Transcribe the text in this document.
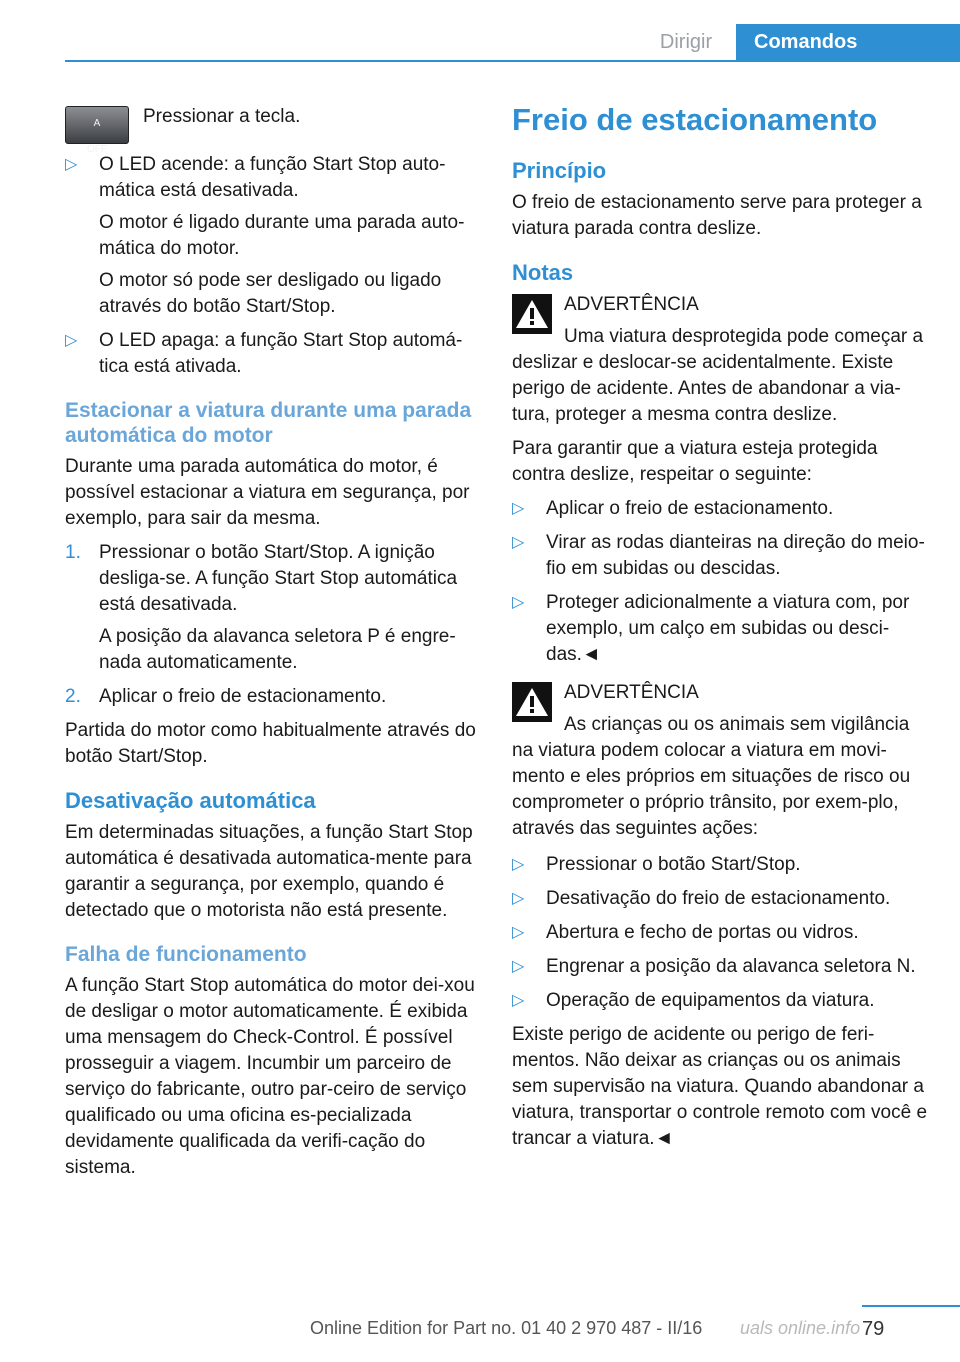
Dirigir	Comandos
A OFF

Pressionar a tecla.

▷ O LED acende: a função Start Stop auto-mática está desativada.
O motor é ligado durante uma parada auto-mática do motor.
O motor só pode ser desligado ou ligado através do botão Start/Stop.
▷ O LED apaga: a função Start Stop automá-tica está ativada.
Estacionar a viatura durante uma parada automática do motor

Durante uma parada automática do motor, é possível estacionar a viatura em segurança, por exemplo, para sair da mesma.

1. Pressionar o botão Start/Stop. A ignição desliga-se. A função Start Stop automática está desativada.
A posição da alavanca seletora P é engre-nada automaticamente.
2. Aplicar o freio de estacionamento.

Partida do motor como habitualmente através do botão Start/Stop.

Desativação automática

Em determinadas situações, a função Start Stop automática é desativada automatica-mente para garantir a segurança, por exemplo, quando é detectado que o motorista não está presente.

Falha de funcionamento

A função Start Stop automática do motor dei-xou de desligar o motor automaticamente. É exibida uma mensagem do Check-Control. É possível prosseguir a viagem. Incumbir um parceiro de serviço do fabricante, outro par-ceiro de serviço qualificado ou uma oficina es-pecializada devidamente qualificada da verifi-cação do sistema.

Freio de estacionamento
Princípio

O freio de estacionamento serve para proteger a viatura parada contra deslize.

Notas
ADVERTÊNCIA
Uma viatura desprotegida pode começar a deslizar e deslocar-se acidentalmente. Existe perigo de acidente. Antes de abandonar a via-tura, proteger a mesma contra deslize.

Para garantir que a viatura esteja protegida contra deslize, respeitar o seguinte:

▷ Aplicar o freio de estacionamento.
▷ Virar as rodas dianteiras na direção do meio-fio em subidas ou descidas.
▷ Proteger adicionalmente a viatura com, por exemplo, um calço em subidas ou desci-das.◄
ADVERTÊNCIA
As crianças ou os animais sem vigilância na viatura podem colocar a viatura em movi-mento e eles próprios em situações de risco ou comprometer o próprio trânsito, por exem-plo, através das seguintes ações:
▷ Pressionar o botão Start/Stop.
▷ Desativação do freio de estacionamento.
▷ Abertura e fecho de portas ou vidros.
▷ Engrenar a posição da alavanca seletora N.
▷ Operação de equipamentos da viatura.

Existe perigo de acidente ou perigo de feri-mentos. Não deixar as crianças ou os animais sem supervisão na viatura. Quando abandonar a viatura, transportar o controle remoto com você e trancar a viatura.◄

79
Online Edition for Part no. 01 40 2 970 487 - II/16 uals online.info
